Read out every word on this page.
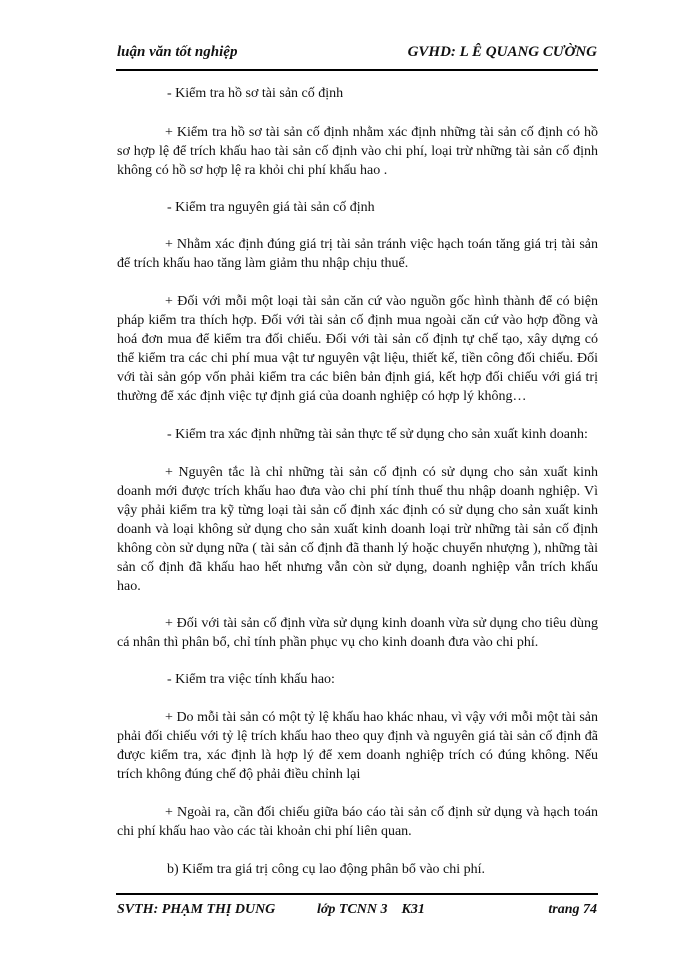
luận văn tốt nghiệp	GVHD: L Ê QUANG CƯỜNG

- Kiểm tra hồ sơ tài sản cố định

+ Kiểm tra hồ sơ tài sản cố định nhằm xác định những tài sản cố định có hồ sơ hợp lệ để trích khấu hao tài sản cố định vào chi phí, loại trừ những tài sản cố định không có hồ sơ hợp lệ ra khỏi chi phí khấu hao .

- Kiểm tra nguyên giá tài sản cố định

+ Nhằm xác định đúng giá trị tài sản tránh việc hạch toán tăng giá trị tài sản để trích khấu hao tăng làm giảm thu nhập chịu thuế.

+ Đối với mỗi một loại tài sản căn cứ vào nguồn gốc hình thành để có biện pháp kiểm tra thích hợp. Đối với tài sản cố định mua ngoài căn cứ vào hợp đồng và hoá đơn mua để kiểm tra đối chiếu. Đối với tài sản cố định tự chế tạo, xây dựng có thể kiểm tra các chi phí mua vật tư nguyên vật liệu, thiết kế, tiền công đối chiếu. Đối với tài sản góp vốn phải kiểm tra các biên bản định giá, kết hợp đối chiếu với giá trị thường để xác định việc tự định giá của doanh nghiệp có hợp lý không…

- Kiểm tra xác định những tài sản thực tế sử dụng cho sản xuất kinh doanh:

+ Nguyên tắc là chỉ những tài sản cố định có sử dụng cho sản xuất kinh doanh mới được trích khấu hao đưa vào chi phí tính thuế thu nhập doanh nghiệp. Vì vậy phải kiểm tra kỹ từng loại tài sản cố định xác định có sử dụng cho sản xuất kinh doanh và loại không sử dụng cho sản xuất kinh doanh loại trừ những tài sản cố định không còn sử dụng nữa ( tài sản cố định đã thanh lý hoặc chuyển nhượng ), những tài sản cố định đã khấu hao hết nhưng vẫn còn sử dụng, doanh nghiệp vẫn trích khấu hao.

+ Đối với tài sản cố định vừa sử dụng kinh doanh vừa sử dụng cho tiêu dùng cá nhân thì phân bổ, chỉ tính phần phục vụ cho kinh doanh đưa vào chi phí.

- Kiểm tra việc tính khấu hao:

+ Do mỗi tài sản có một tỷ lệ khấu hao khác nhau, vì vậy với mỗi một tài sản phải đối chiếu với tỷ lệ trích khấu hao theo quy định và nguyên giá tài sản cố định đã được kiểm tra, xác định là hợp lý để xem doanh nghiệp trích có đúng không. Nếu trích không đúng chế độ phải điều chỉnh lại

+ Ngoài ra, cần đối chiếu giữa báo cáo tài sản cố định sử dụng và hạch toán chi phí khấu hao vào các tài khoản chi phí liên quan.

b) Kiểm tra giá trị công cụ lao động phân bổ vào chi phí.

SVTH: PHẠM THỊ DUNG	lớp TCNN 3    K31	trang 74
